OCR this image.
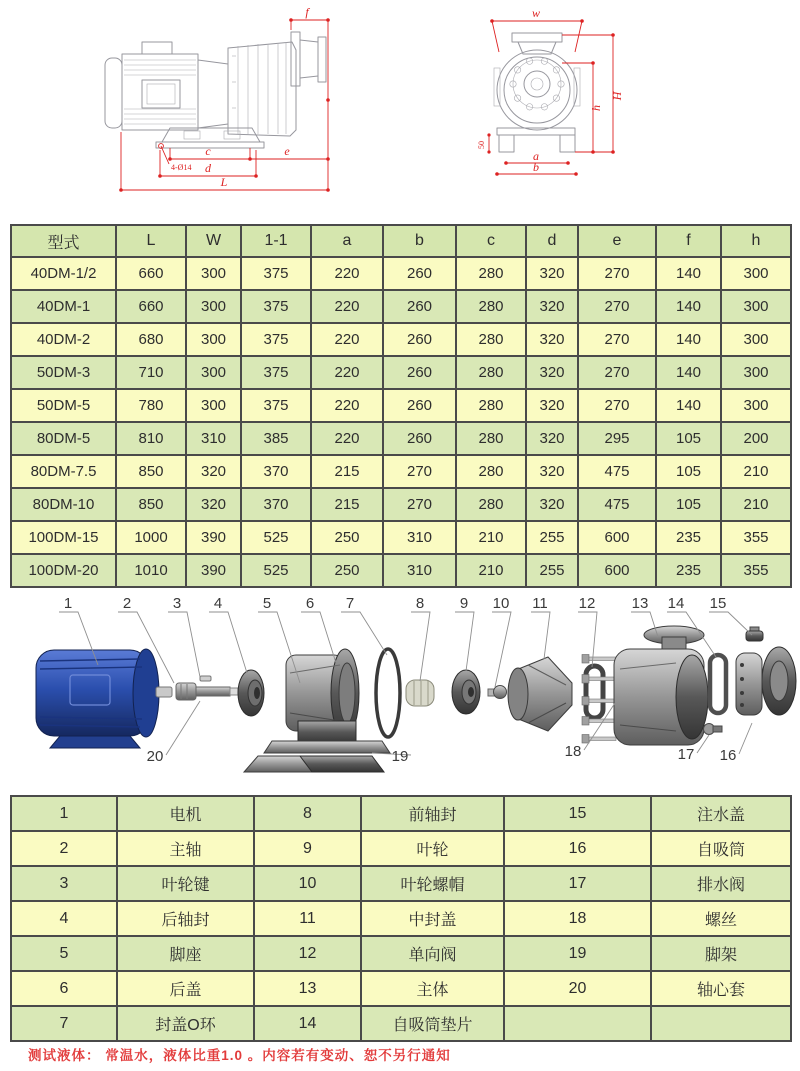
f
c	e
d
L
4-Ø14
w
H
h
50
a
b
型式	L	W	1-1	a	b	c	d	e	f	h
40DM-1/2	660	300	375	220	260	280	320	270	140	300
40DM-1	660	300	375	220	260	280	320	270	140	300
40DM-2	680	300	375	220	260	280	320	270	140	300
50DM-3	710	300	375	220	260	280	320	270	140	300
50DM-5	780	300	375	220	260	280	320	270	140	300
80DM-5	810	310	385	220	260	280	320	295	105	200
80DM-7.5	850	320	370	215	270	280	320	475	105	210
80DM-10	850	320	370	215	270	280	320	475	105	210
100DM-15	1000	390	525	250	310	210	255	600	235	355
100DM-20	1010	390	525	250	310	210	255	600	235	355
1	2	3 4	5 6 7	8 9 10 11 12 13 14 15
20	19	18	17 16
1	电机	8	前轴封	15	注水盖
2	主轴	9	叶轮	16	自吸筒
3	叶轮键	10	叶轮螺帽	17	排水阀
4	后轴封	11	中封盖	18	螺丝
5	脚座	12	单向阀	19	脚架
6	后盖	13	主体	20	轴心套
7	封盖O环	14	自吸筒垫片		
测试液体： 常温水，液体比重1.0 。内容若有变动、恕不另行通知
